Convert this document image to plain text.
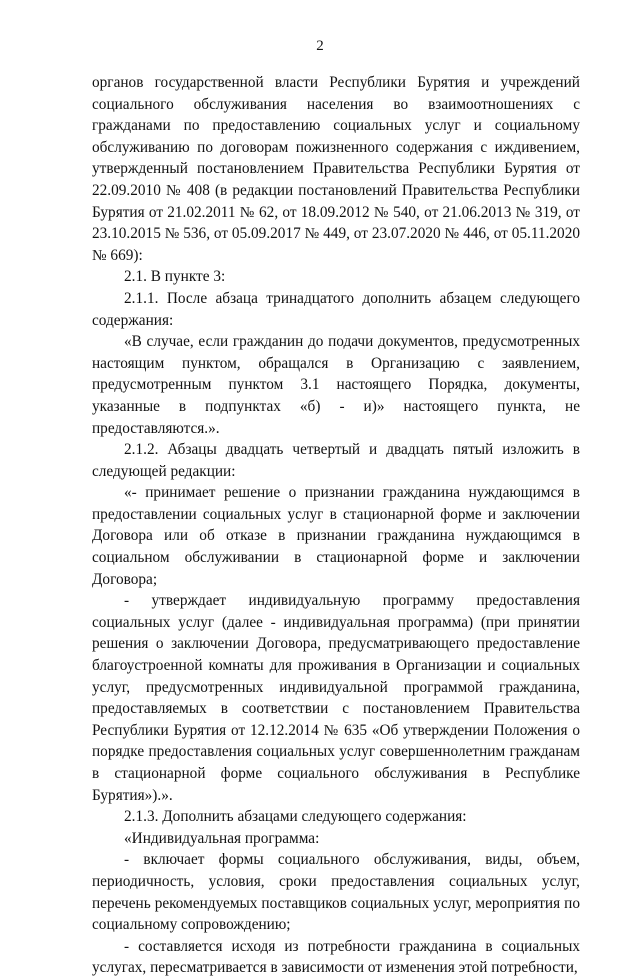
2

органов государственной власти Республики Бурятия и учреждений социального обслуживания населения во взаимоотношениях с гражданами по предоставлению социальных услуг и социальному обслуживанию по договорам пожизненного содержания с иждивением, утвержденный постановлением Правительства Республики Бурятия от 22.09.2010 № 408 (в редакции постановлений Правительства Республики Бурятия от 21.02.2011 № 62, от 18.09.2012 № 540, от 21.06.2013 № 319, от 23.10.2015 № 536, от 05.09.2017 № 449, от 23.07.2020 № 446, от 05.11.2020 № 669):

2.1. В пункте 3:

2.1.1. После абзаца тринадцатого дополнить абзацем следующего содержания:

«В случае, если гражданин до подачи документов, предусмотренных настоящим пунктом, обращался в Организацию с заявлением, предусмотренным пунктом 3.1 настоящего Порядка, документы, указанные в подпунктах «б) - и)» настоящего пункта, не предоставляются.».

2.1.2. Абзацы двадцать четвертый и двадцать пятый изложить в следующей редакции:

«- принимает решение о признании гражданина нуждающимся в предоставлении социальных услуг в стационарной форме и заключении Договора или об отказе в признании гражданина нуждающимся в социальном обслуживании в стационарной форме и заключении Договора;

- утверждает индивидуальную программу предоставления социальных услуг (далее - индивидуальная программа) (при принятии решения о заключении Договора, предусматривающего предоставление благоустроенной комнаты для проживания в Организации и социальных услуг, предусмотренных индивидуальной программой гражданина, предоставляемых в соответствии с постановлением Правительства Республики Бурятия от 12.12.2014 № 635 «Об утверждении Положения о порядке предоставления социальных услуг совершеннолетним гражданам в стационарной форме социального обслуживания в Республике Бурятия»).».

2.1.3. Дополнить абзацами следующего содержания:

«Индивидуальная программа:

- включает формы социального обслуживания, виды, объем, периодичность, условия, сроки предоставления социальных услуг, перечень рекомендуемых поставщиков социальных услуг, мероприятия по социальному сопровождению;

- составляется исходя из потребности гражданина в социальных услугах, пересматривается в зависимости от изменения этой потребности,
